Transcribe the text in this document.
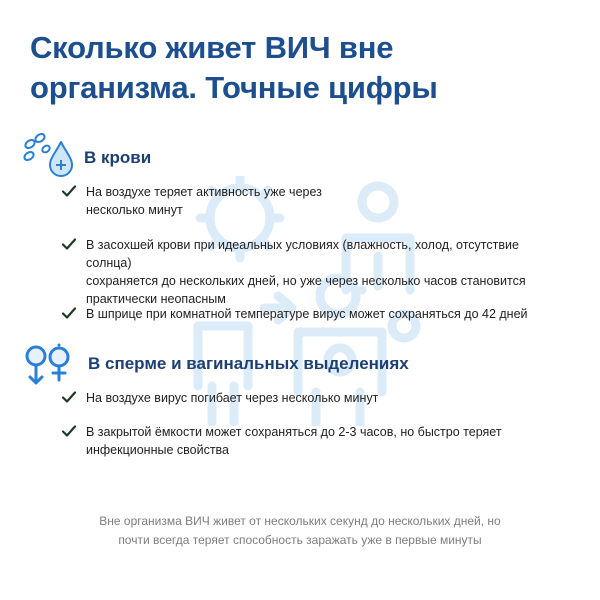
Сколько живет ВИЧ вне
организма. Точные цифры
В крови
На воздухе теряет активность уже через
несколько минут
В засохшей крови при идеальных условиях (влажность, холод, отсутствие солнца)
сохраняется до нескольких дней, но уже через несколько часов становится
практически неопасным
В шприце при комнатной температуре вирус может сохраняться до 42 дней
В сперме и вагинальных выделениях
На воздухе вирус погибает через несколько минут
В закрытой ёмкости может сохраняться до 2-3 часов, но быстро теряет
инфекционные свойства
Вне организма ВИЧ живет от нескольких секунд до нескольких дней, но
почти всегда теряет способность заражать уже в первые минуты
